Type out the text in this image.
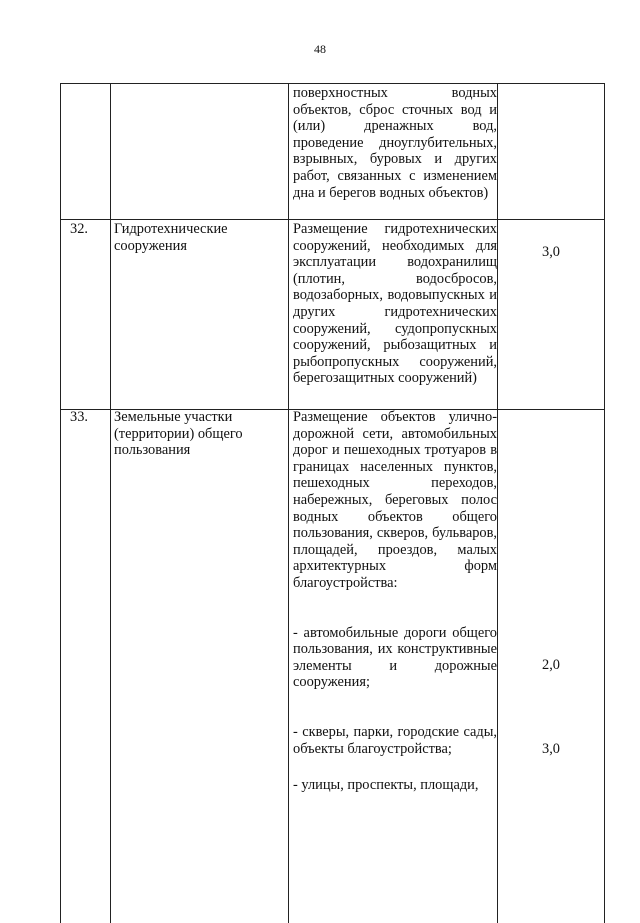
48
поверхностных водных объектов, сброс сточных вод и (или) дренажных вод, проведение дноуглубительных, взрывных, буровых и других работ, связанных с изменением дна и берегов водных объектов)
32.	Гидротехнические сооружения
Размещение гидротехнических сооружений, необходимых для эксплуатации водохранилищ (плотин, водосбросов, водозаборных, водовыпускных и других гидротехнических сооружений, судопропускных сооружений, рыбозащитных и рыбопропускных сооружений, берегозащитных сооружений)
3,0
33.	Земельные участки (территории) общего пользования

Размещение объектов улично-дорожной сети, автомобильных дорог и пешеходных тротуаров в границах населенных пунктов, пешеходных переходов, набережных, береговых полос водных объектов общего пользования, скверов, бульваров, площадей, проездов, малых архитектурных форм благоустройства:

- автомобильные дороги общего пользования, их конструктивные элементы и дорожные сооружения;

- скверы, парки, городские сады, объекты благоустройства;

- улицы, проспекты, площади,

2,0
3,0
